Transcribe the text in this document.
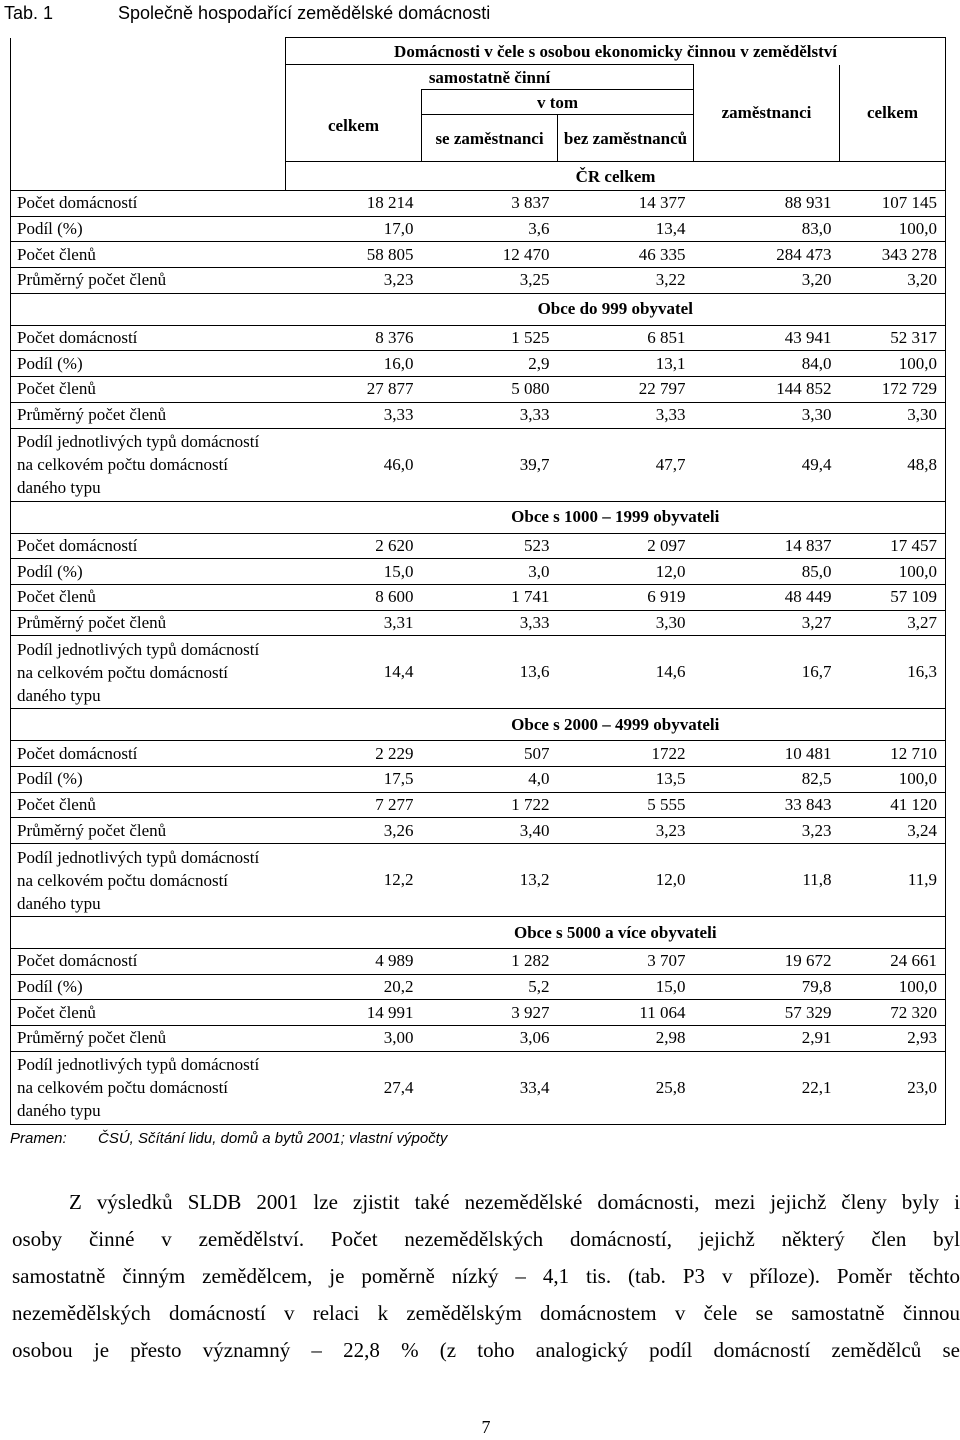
Tab. 1	Společně hospodařící zemědělské domácnosti
	Domácnosti v čele s osobou ekonomicky činnou v zemědělství				
	samostatně činní			zaměstnanci	celkem
	celkem	v tom			
		se zaměstnanci	bez zaměstnanců		
	ČR celkem				
Počet domácností	18 214	3 837	14 377	88 931	107 145
Podíl (%)	17,0	3,6	13,4	83,0	100,0
Počet členů	58 805	12 470	46 335	284 473	343 278
Průměrný počet členů	3,23	3,25	3,22	3,20	3,20
	Obce do 999 obyvatel				
Počet domácností	8 376	1 525	6 851	43 941	52 317
Podíl (%)	16,0	2,9	13,1	84,0	100,0
Počet členů	27 877	5 080	22 797	144 852	172 729
Průměrný počet členů	3,33	3,33	3,33	3,30	3,30
Podíl jednotlivých typů domácností na celkovém počtu domácností daného typu	46,0	39,7	47,7	49,4	48,8
	Obce s 1000 – 1999 obyvateli				
Počet domácností	2 620	523	2 097	14 837	17 457
Podíl (%)	15,0	3,0	12,0	85,0	100,0
Počet členů	8 600	1 741	6 919	48 449	57 109
Průměrný počet členů	3,31	3,33	3,30	3,27	3,27
Podíl jednotlivých typů domácností na celkovém počtu domácností daného typu	14,4	13,6	14,6	16,7	16,3
	Obce s 2000 – 4999 obyvateli				
Počet domácností	2 229	507	1722	10 481	12 710
Podíl (%)	17,5	4,0	13,5	82,5	100,0
Počet členů	7 277	1 722	5 555	33 843	41 120
Průměrný počet členů	3,26	3,40	3,23	3,23	3,24
Podíl jednotlivých typů domácností na celkovém počtu domácností daného typu	12,2	13,2	12,0	11,8	11,9
	Obce s 5000 a více obyvateli				
Počet domácností	4 989	1 282	3 707	19 672	24 661
Podíl (%)	20,2	5,2	15,0	79,8	100,0
Počet členů	14 991	3 927	11 064	57 329	72 320
Průměrný počet členů	3,00	3,06	2,98	2,91	2,93
Podíl jednotlivých typů domácností na celkovém počtu domácností daného typu	27,4	33,4	25,8	22,1	23,0
Pramen: ČSÚ, Sčítání lidu, domů a bytů 2001; vlastní výpočty
Z výsledků SLDB 2001 lze zjistit také nezemědělské domácnosti, mezi jejichž členy byly i
osoby činné v zemědělství. Počet nezemědělských domácností, jejichž některý člen byl
samostatně činným zemědělcem, je poměrně nízký – 4,1 tis. (tab. P3 v příloze). Poměr těchto
nezemědělských domácností v relaci k zemědělským domácnostem v čele se samostatně činnou
osobou je přesto významný – 22,8 % (z toho analogický podíl domácností zemědělců se
7
